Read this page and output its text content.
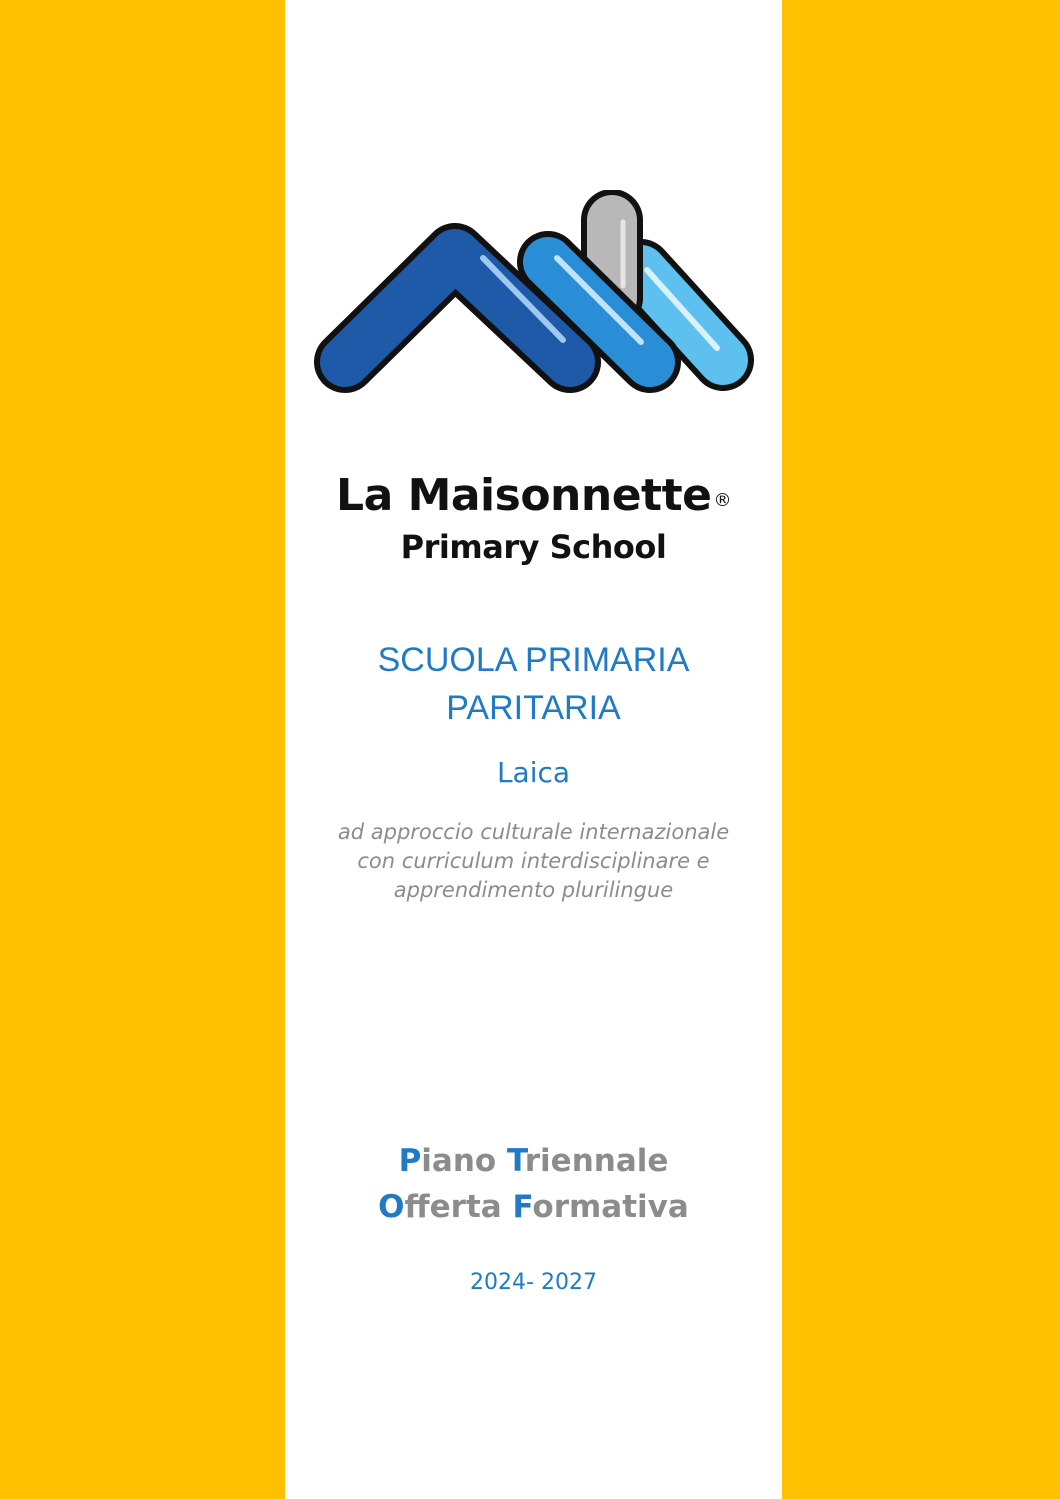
La Maisonnette ®
Primary School
SCUOLA PRIMARIA
PARITARIA
Laica
ad approccio culturale internazionale
con curriculum interdisciplinare e
apprendimento plurilingue
Piano Triennale
Offerta Formativa
2024- 2027
